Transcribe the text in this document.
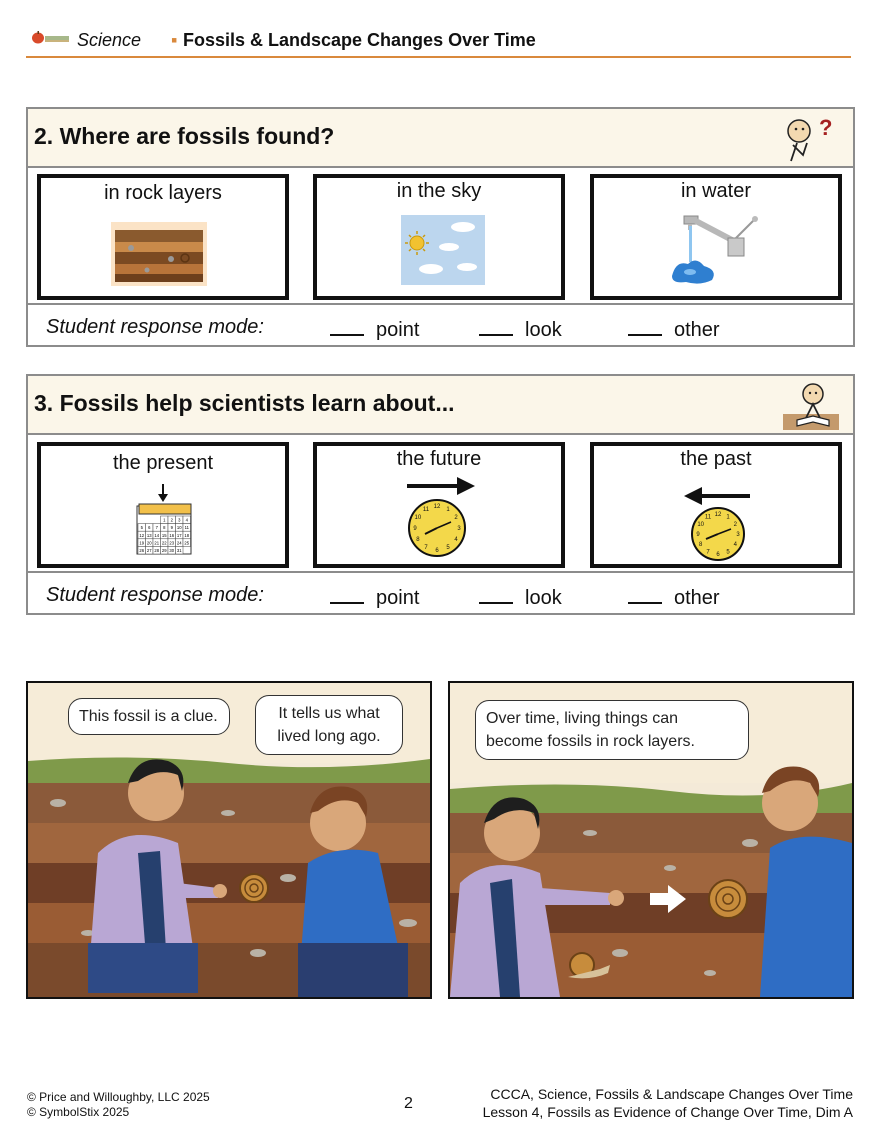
Science ▪ Fossils & Landscape Changes Over Time
2. Where are fossils found?	?
in rock layers	in the sky	in water
Student response mode:	point	look	other
3. Fossils help scientists learn about...
the present
1 2 3 4
5 6 7 8 9 10 11
12 13 14 15 16 17 18
19 20 21 22 23 24 25
26 27 28 29 30 31
the future
1
2
3
4
5
6
7
8
9
10
11 12
the past
1
2
3
4
5
6
7
8
9
10
11 12
Student response mode:	point	look	other
This fossil is a clue.	It tells us what lived long ago.
Over time, living things can become fossils in rock layers.
© Price and Willoughby, LLC 2025
© SymbolStix 2025	2
CCCA, Science, Fossils & Landscape Changes Over Time
Lesson 4, Fossils as Evidence of Change Over Time, Dim A
